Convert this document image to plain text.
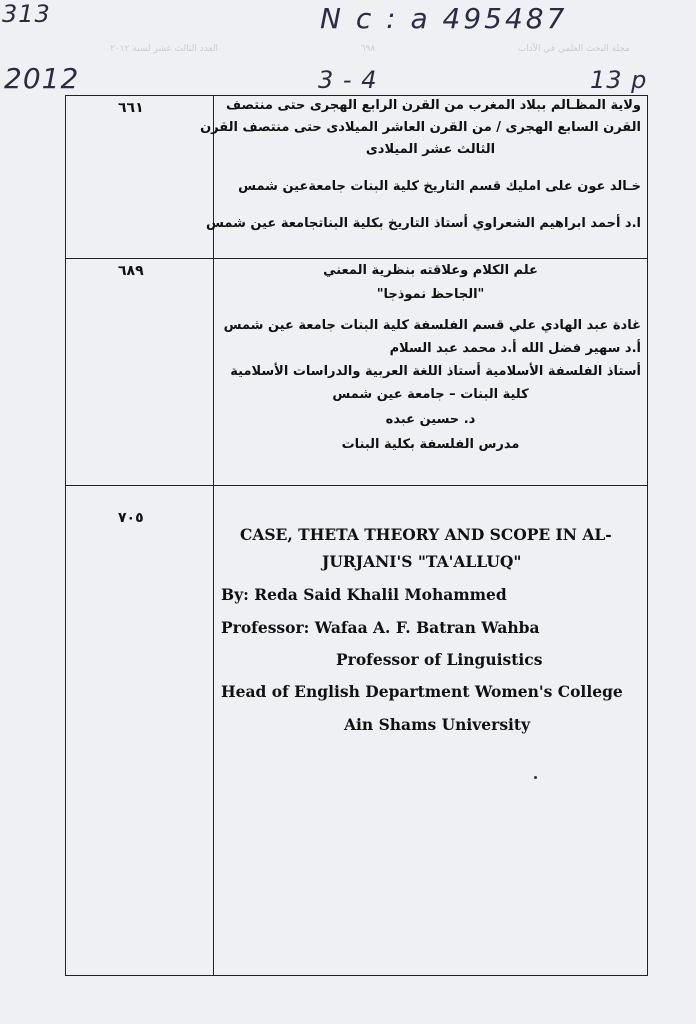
313	N c : a 495487
2012	3 - 4	13 p
مجلة البحث العلمي في الآداب
٦٩٨
العدد الثالث عشر لسنة ٢٠١٢
٦٦١	ولاية المظـالم ببلاد المغرب من القرن الرابع الهجرى حتى منتصف
القرن السابع الهجرى / من القرن العاشر الميلادى حتى منتصف القرن
الثالث عشر الميلادى
خـالد عون على امليك قسم التاريخ كلية البنات جامعةعين شمس
ا.د أحمد ابراهيم الشعراوي أستاذ التاريخ بكلية البناتجامعة عين شمس
٦٨٩	علم الكلام وعلاقته بنظرية المعني
"الجاحظ نموذجا"
غادة عبد الهادي علي قسم الفلسفة كلية البنات جامعة عين شمس
أ.د سهير فضل الله أ.د محمد عبد السلام
أستاذ الفلسفة الأسلامية أستاذ اللغة العربية والدراسات الأسلامية
كلية البنات – جامعة عين شمس
د. حسين عبده
مدرس الفلسفة بكلية البنات
٧٠٥
CASE, THETA THEORY AND SCOPE IN AL-
JURJANI'S "TA'ALLUQ"
By: Reda Said Khalil Mohammed
Professor: Wafaa A. F. Batran Wahba
Professor of Linguistics
Head of English Department Women's College
Ain Shams University
